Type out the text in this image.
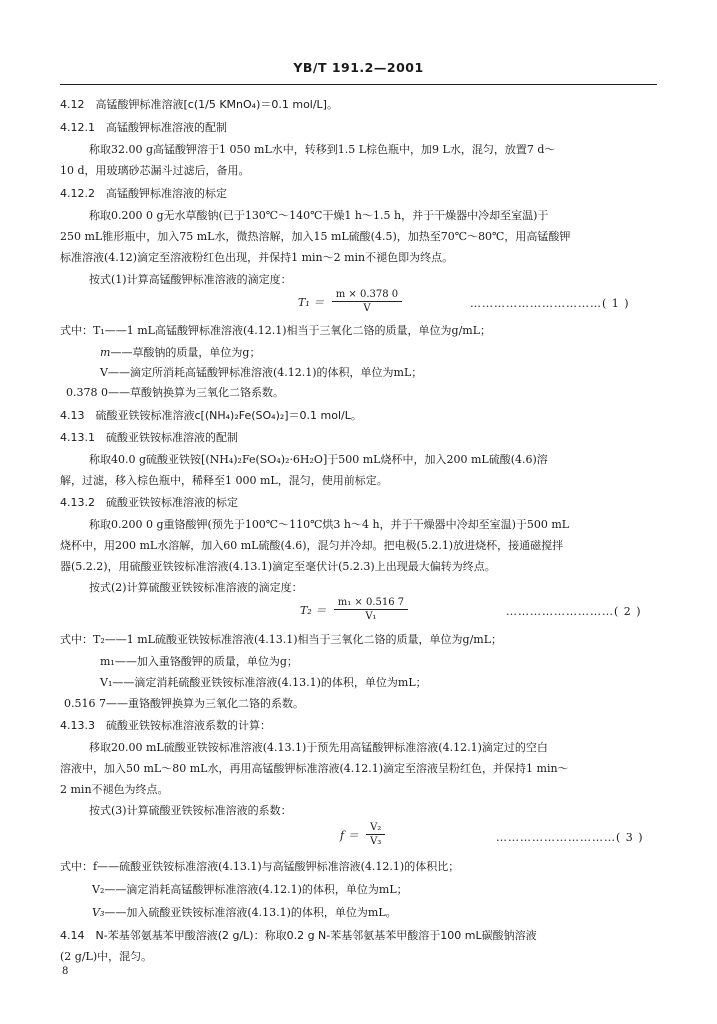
YB/T 191.2—2001
4.12　高锰酸钾标准溶液[c(1/5 KMnO₄)＝0.1 mol/L]。
4.12.1　高锰酸钾标准溶液的配制
称取32.00 g高锰酸钾溶于1 050 mL水中，转移到1.5 L棕色瓶中，加9 L水，混匀，放置7 d～
10 d，用玻璃砂芯漏斗过滤后，备用。
4.12.2　高锰酸钾标准溶液的标定
称取0.200 0 g无水草酸钠(已于130℃～140℃干燥1 h～1.5 h，并于干燥器中冷却至室温)于
250 mL锥形瓶中，加入75 mL水，微热溶解，加入15 mL硫酸(4.5)，加热至70℃～80℃，用高锰酸钾
标准溶液(4.12)滴定至溶液粉红色出现，并保持1 min～2 min不褪色即为终点。
按式(1)计算高锰酸钾标准溶液的滴定度：
$T_1 = \frac{m \times 0.378 0}{V}$	……………………………( 1 )
式中：T₁——1 mL高锰酸钾标准溶液(4.12.1)相当于三氧化二铬的质量，单位为g/mL；
m——草酸钠的质量，单位为g；
V——滴定所消耗高锰酸钾标准溶液(4.12.1)的体积，单位为mL；
0.378 0——草酸钠换算为三氧化二铬系数。
4.13　硫酸亚铁铵标准溶液c[(NH₄)₂Fe(SO₄)₂]＝0.1 mol/L。
4.13.1　硫酸亚铁铵标准溶液的配制
称取40.0 g硫酸亚铁铵[(NH₄)₂Fe(SO₄)₂·6H₂O]于500 mL烧杯中，加入200 mL硫酸(4.6)溶
解，过滤，移入棕色瓶中，稀释至1 000 mL，混匀，使用前标定。
4.13.2　硫酸亚铁铵标准溶液的标定
称取0.200 0 g重铬酸钾(预先于100℃～110℃烘3 h～4 h，并于干燥器中冷却至室温)于500 mL
烧杯中，用200 mL水溶解，加入60 mL硫酸(4.6)，混匀并冷却。把电极(5.2.1)放进烧杯，接通磁搅拌
器(5.2.2)，用硫酸亚铁铵标准溶液(4.13.1)滴定至毫伏计(5.2.3)上出现最大偏转为终点。
按式(2)计算硫酸亚铁铵标准溶液的滴定度：
$T_2 = \frac{\text{m₁ × 0.516 7}}{\text{V₁}}$	………………………( 2 )
式中：T₂——1 mL硫酸亚铁铵标准溶液(4.13.1)相当于三氧化二铬的质量，单位为g/mL；
m₁——加入重铬酸钾的质量，单位为g；
V₁——滴定消耗硫酸亚铁铵标准溶液(4.13.1)的体积，单位为mL；
0.516 7——重铬酸钾换算为三氧化二铬的系数。
4.13.3　硫酸亚铁铵标准溶液系数的计算：
移取20.00 mL硫酸亚铁铵标准溶液(4.13.1)于预先用高锰酸钾标准溶液(4.12.1)滴定过的空白
溶液中，加入50 mL～80 mL水，再用高锰酸钾标准溶液(4.12.1)滴定至溶液呈粉红色，并保持1 min～
2 min不褪色为终点。
按式(3)计算硫酸亚铁铵标准溶液的系数：
$f = \frac{\text{V₂}}{\text{V₃}}$	…………………………( 3 )
式中：f——硫酸亚铁铵标准溶液(4.13.1)与高锰酸钾标准溶液(4.12.1)的体积比；
V₂——滴定消耗高锰酸钾标准溶液(4.12.1)的体积，单位为mL；
V₃——加入硫酸亚铁铵标准溶液(4.13.1)的体积，单位为mL。
4.14　N-苯基邻氨基苯甲酸溶液(2 g/L)：称取0.2 g N-苯基邻氨基苯甲酸溶于100 mL碳酸钠溶液
(2 g/L)中，混匀。
8
